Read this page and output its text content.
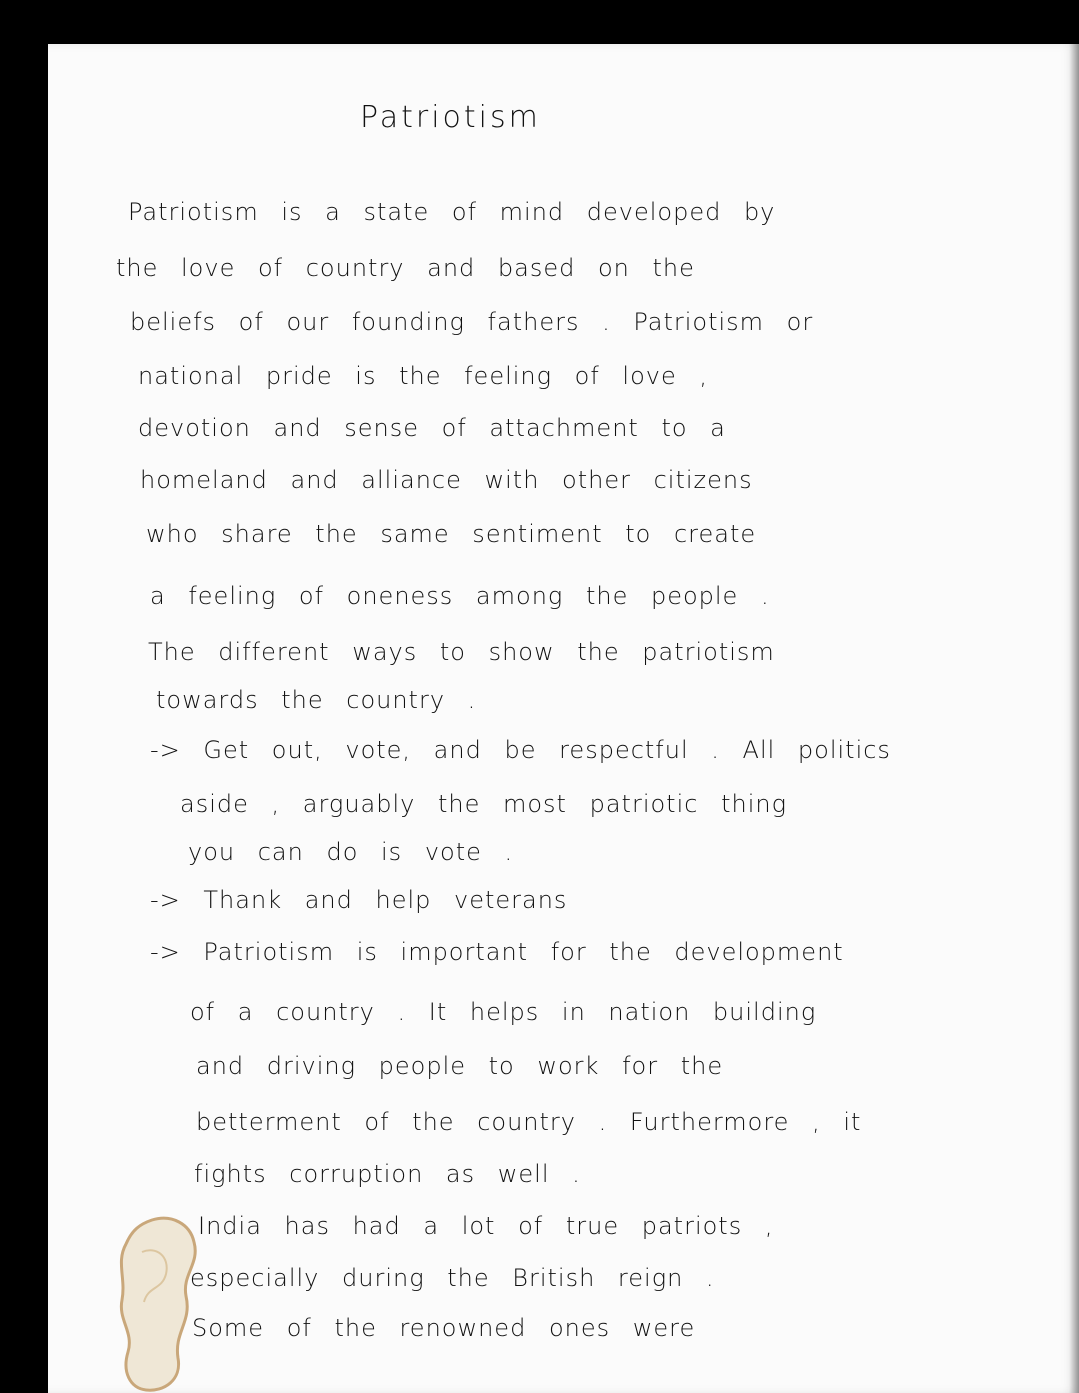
Patriotism
Patriotism is a state of mind developed by
the love of country and based on the
beliefs of our founding fathers . Patriotism or
national pride is the feeling of love ,
devotion and sense of attachment to a
homeland and alliance with other citizens
who share the same sentiment to create
a feeling of oneness among the people .
The different ways to show the patriotism
towards the country .
-> Get out, vote, and be respectful . All politics
aside , arguably the most patriotic thing
you can do is vote .
-> Thank and help veterans
-> Patriotism is important for the development
of a country . It helps in nation building
and driving people to work for the
betterment of the country . Furthermore , it
fights corruption as well .
India has had a lot of true patriots ,
especially during the British reign .
Some of the renowned ones were
